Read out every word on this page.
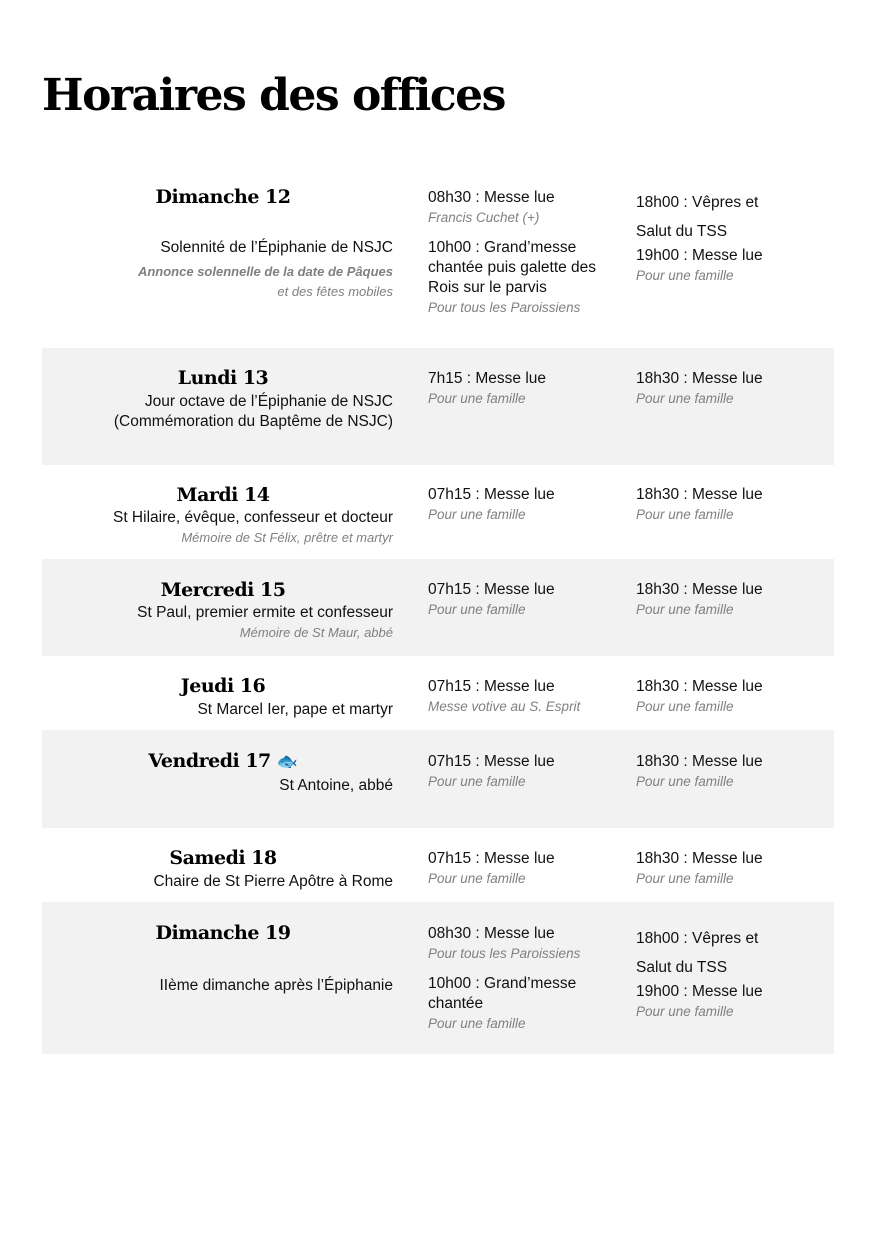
Horaires des offices
Dimanche 12
Solennité de l’Épiphanie de NSJC
Annonce solennelle de la date de Pâques
et des fêtes mobiles
08h30 : Messe lue
Francis Cuchet (+)
10h00 : Grand’messe chantée puis galette des Rois sur le parvis
Pour tous les Paroissiens
18h00 : Vêpres et Salut du TSS
19h00 : Messe lue
Pour une famille
Lundi 13
Jour octave de l’Épiphanie de NSJC (Commémoration du Baptême de NSJC)
7h15 : Messe lue
Pour une famille
18h30 : Messe lue
Pour une famille
Mardi 14
St Hilaire, évêque, confesseur et docteur
Mémoire de St Félix, prêtre et martyr
07h15 : Messe lue
Pour une famille
18h30 : Messe lue
Pour une famille
Mercredi 15
St Paul, premier ermite et confesseur
Mémoire de St Maur, abbé
07h15 : Messe lue
Pour une famille
18h30 : Messe lue
Pour une famille
Jeudi 16
St Marcel Ier, pape et martyr
07h15 : Messe lue
Messe votive au S. Esprit
18h30 : Messe lue
Pour une famille
Vendredi 17 🐟
St Antoine, abbé
07h15 : Messe lue
Pour une famille
18h30 : Messe lue
Pour une famille
Samedi 18
Chaire de St Pierre Apôtre à Rome
07h15 : Messe lue
Pour une famille
18h30 : Messe lue
Pour une famille
Dimanche 19
IIème dimanche après l’Épiphanie
08h30 : Messe lue
Pour tous les Paroissiens
10h00 : Grand’messe chantée
Pour une famille
18h00 : Vêpres et Salut du TSS
19h00 : Messe lue
Pour une famille
